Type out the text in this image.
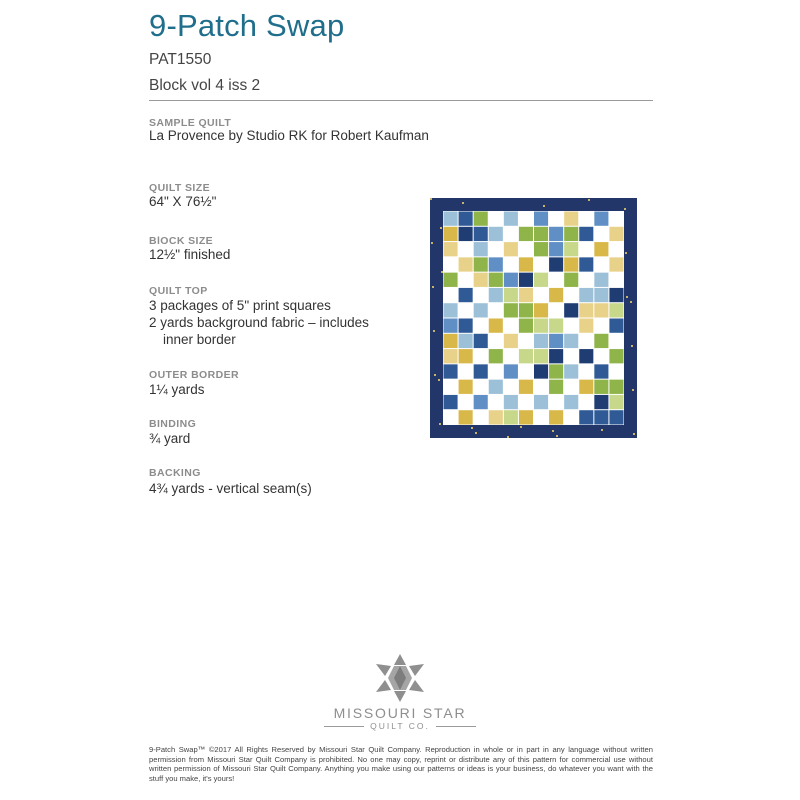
9-Patch Swap
PAT1550
Block vol 4 iss 2
SAMPLE QUILT
La Provence by Studio RK for Robert Kaufman
QUILT SIZE
64" X 76½"
BlOCK SIZE
12½" finished
QUILT TOP
3 packages of 5" print squares
2 yards background fabric – includes
inner border
OUTER BORDER
1¼ yards
BINDING
¾ yard
BACKING
4¾ yards - vertical seam(s)
MISSOURI STAR
QUILT CO.
9-Patch Swap™ ©2017 All Rights Reserved by Missouri Star Quilt Company. Reproduction in whole or in part in any language without written permission from Missouri Star Quilt Company is prohibited. No one may copy, reprint or distribute any of this pattern for commercial use without written permission of Missouri Star Quilt Company. Anything you make using our patterns or ideas is your business, do whatever you want with the stuff you make, it's yours!
